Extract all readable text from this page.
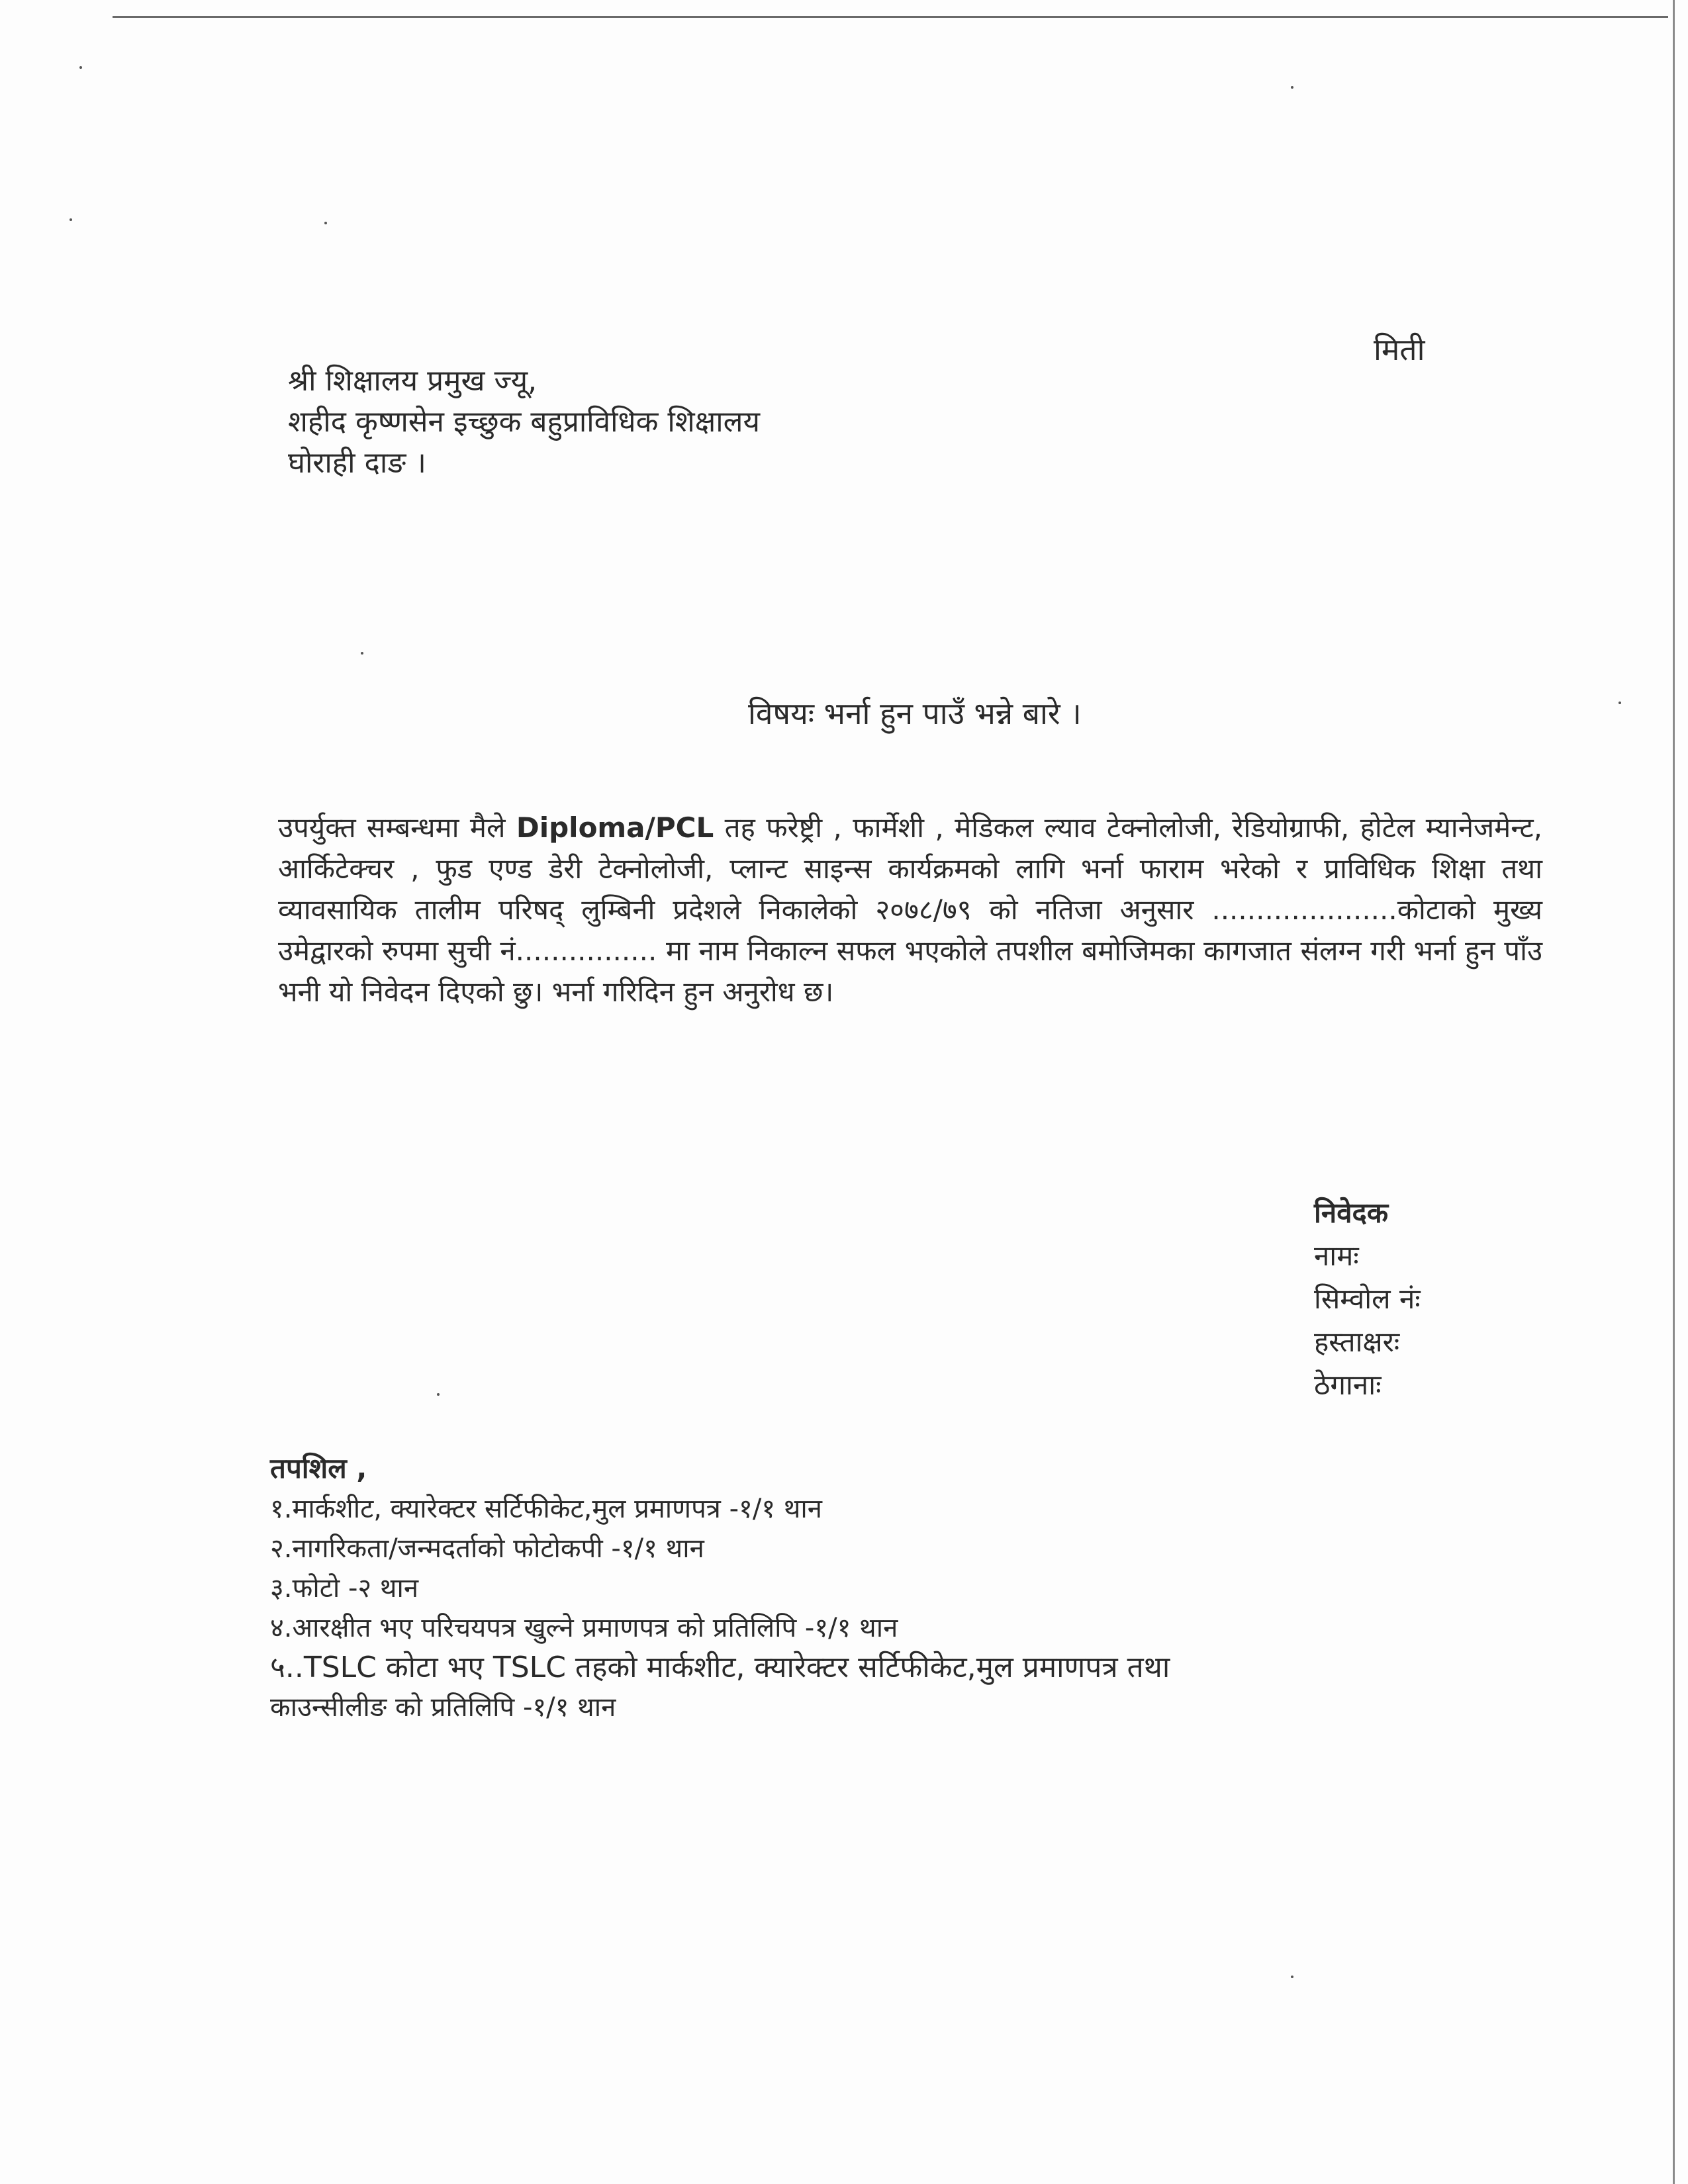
मिती
श्री शिक्षालय प्रमुख ज्यू,
शहीद कृष्णसेन इच्छुक बहुप्राविधिक शिक्षालय
घोराही दाङ ।
विषयः भर्ना हुन पाउँ भन्ने बारे ।
उपर्युक्त सम्बन्धमा मैले Diploma/PCL तह फरेष्ट्री , फार्मेशी , मेडिकल ल्याव टेक्नोलोजी, रेडियोग्राफी, होटेल म्यानेजमेन्ट, आर्किटेक्चर , फुड एण्ड डेरी टेक्नोलोजी, प्लान्ट साइन्स कार्यक्रमको लागि भर्ना फाराम भरेको र प्राविधिक शिक्षा तथा व्यावसायिक तालीम परिषद् लुम्बिनी प्रदेशले निकालेको २०७८/७९ को नतिजा अनुसार .....................कोटाको मुख्य उमेद्वारको रुपमा सुची नं................ मा नाम निकाल्न सफल भएकोले तपशील बमोजिमका कागजात संलग्न गरी भर्ना हुन पाँउ भनी यो निवेदन दिएको छु। भर्ना गरिदिन हुन अनुरोध छ।
निवेदक
नामः
सिम्वोल नंः
हस्ताक्षरः
ठेगानाः
तपशिल ,
१.मार्कशीट, क्यारेक्टर सर्टिफीकेट,मुल प्रमाणपत्र -१/१ थान
२.नागरिकता/जन्मदर्ताको फोटोकपी -१/१ थान
३.फोटो -२ थान
४.आरक्षीत भए परिचयपत्र खुल्ने प्रमाणपत्र को प्रतिलिपि -१/१ थान
५..TSLC कोटा भए TSLC तहको मार्कशीट, क्यारेक्टर सर्टिफीकेट,मुल प्रमाणपत्र तथा
काउन्सीलीङ को प्रतिलिपि -१/१ थान
